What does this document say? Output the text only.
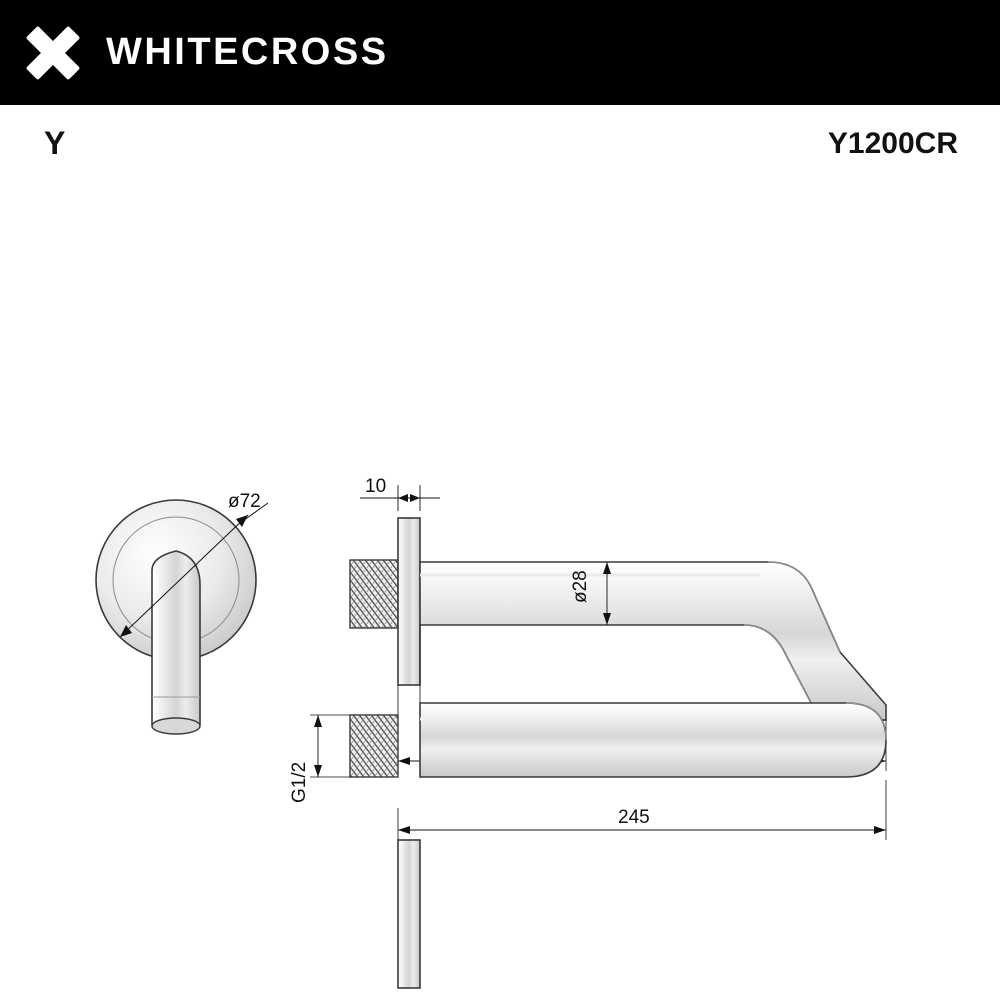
WHITECROSS
Y	Y1200CR
ø72
10
ø28
G1/2
245
